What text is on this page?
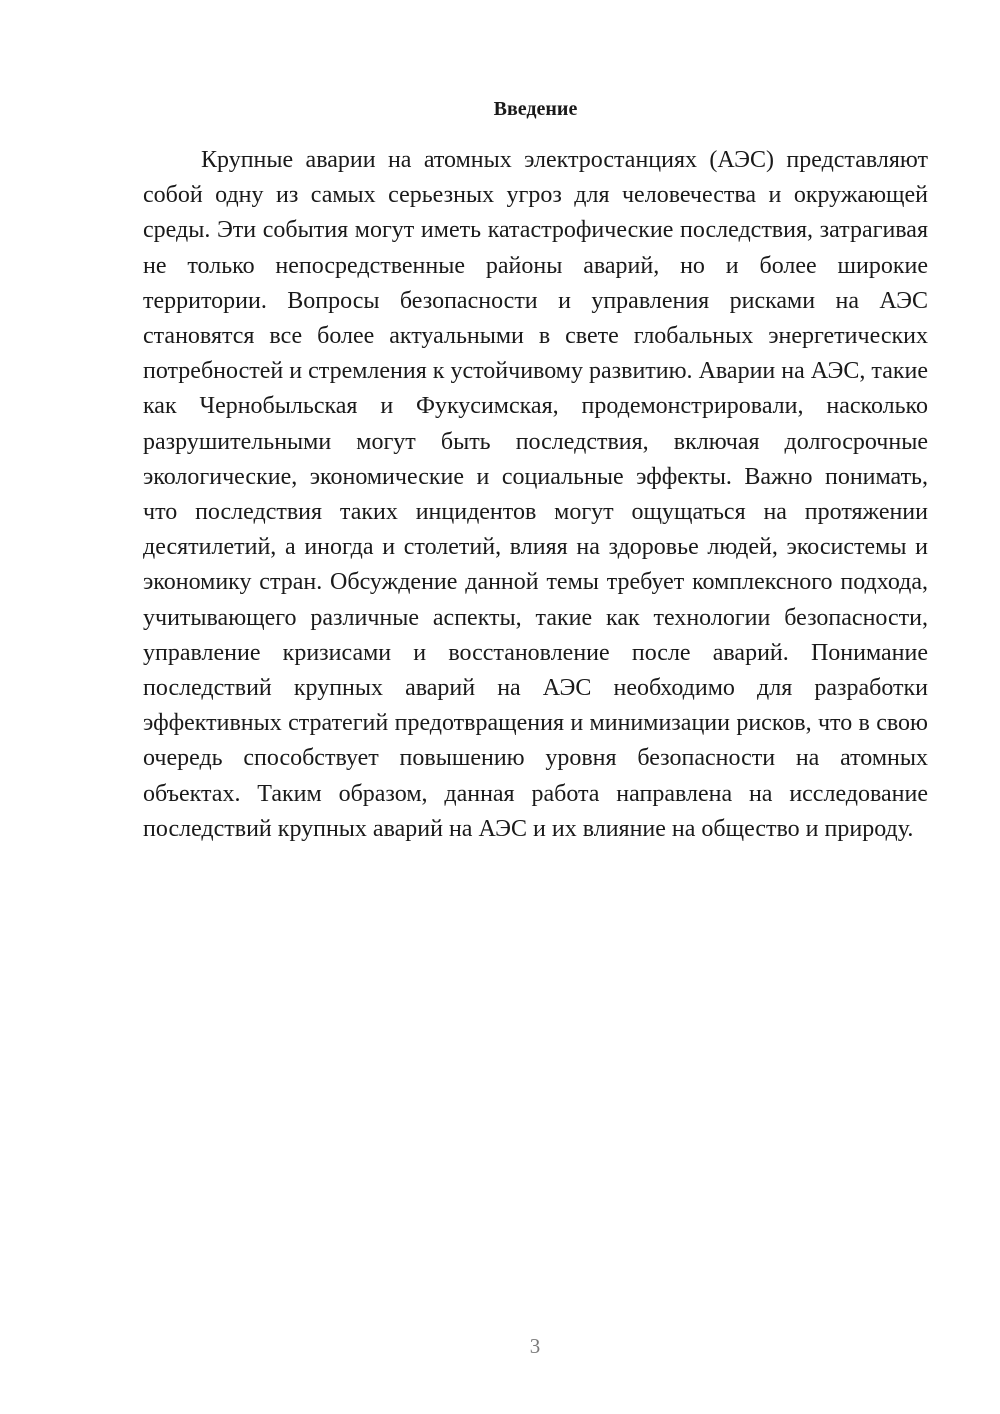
Введение

Крупные аварии на атомных электростанциях (АЭС) представляют собой одну из самых серьезных угроз для человечества и окружающей среды. Эти события могут иметь катастрофические последствия, затрагивая не только непосредственные районы аварий, но и более широкие территории. Вопросы безопасности и управления рисками на АЭС становятся все более актуальными в свете глобальных энергетических потребностей и стремления к устойчивому развитию. Аварии на АЭС, такие как Чернобыльская и Фукусимская, продемонстрировали, насколько разрушительными могут быть последствия, включая долгосрочные экологические, экономические и социальные эффекты. Важно понимать, что последствия таких инцидентов могут ощущаться на протяжении десятилетий, а иногда и столетий, влияя на здоровье людей, экосистемы и экономику стран. Обсуждение данной темы требует комплексного подхода, учитывающего различные аспекты, такие как технологии безопасности, управление кризисами и восстановление после аварий. Понимание последствий крупных аварий на АЭС необходимо для разработки эффективных стратегий предотвращения и минимизации рисков, что в свою очередь способствует повышению уровня безопасности на атомных объектах. Таким образом, данная работа направлена на исследование последствий крупных аварий на АЭС и их влияние на общество и природу.

3
